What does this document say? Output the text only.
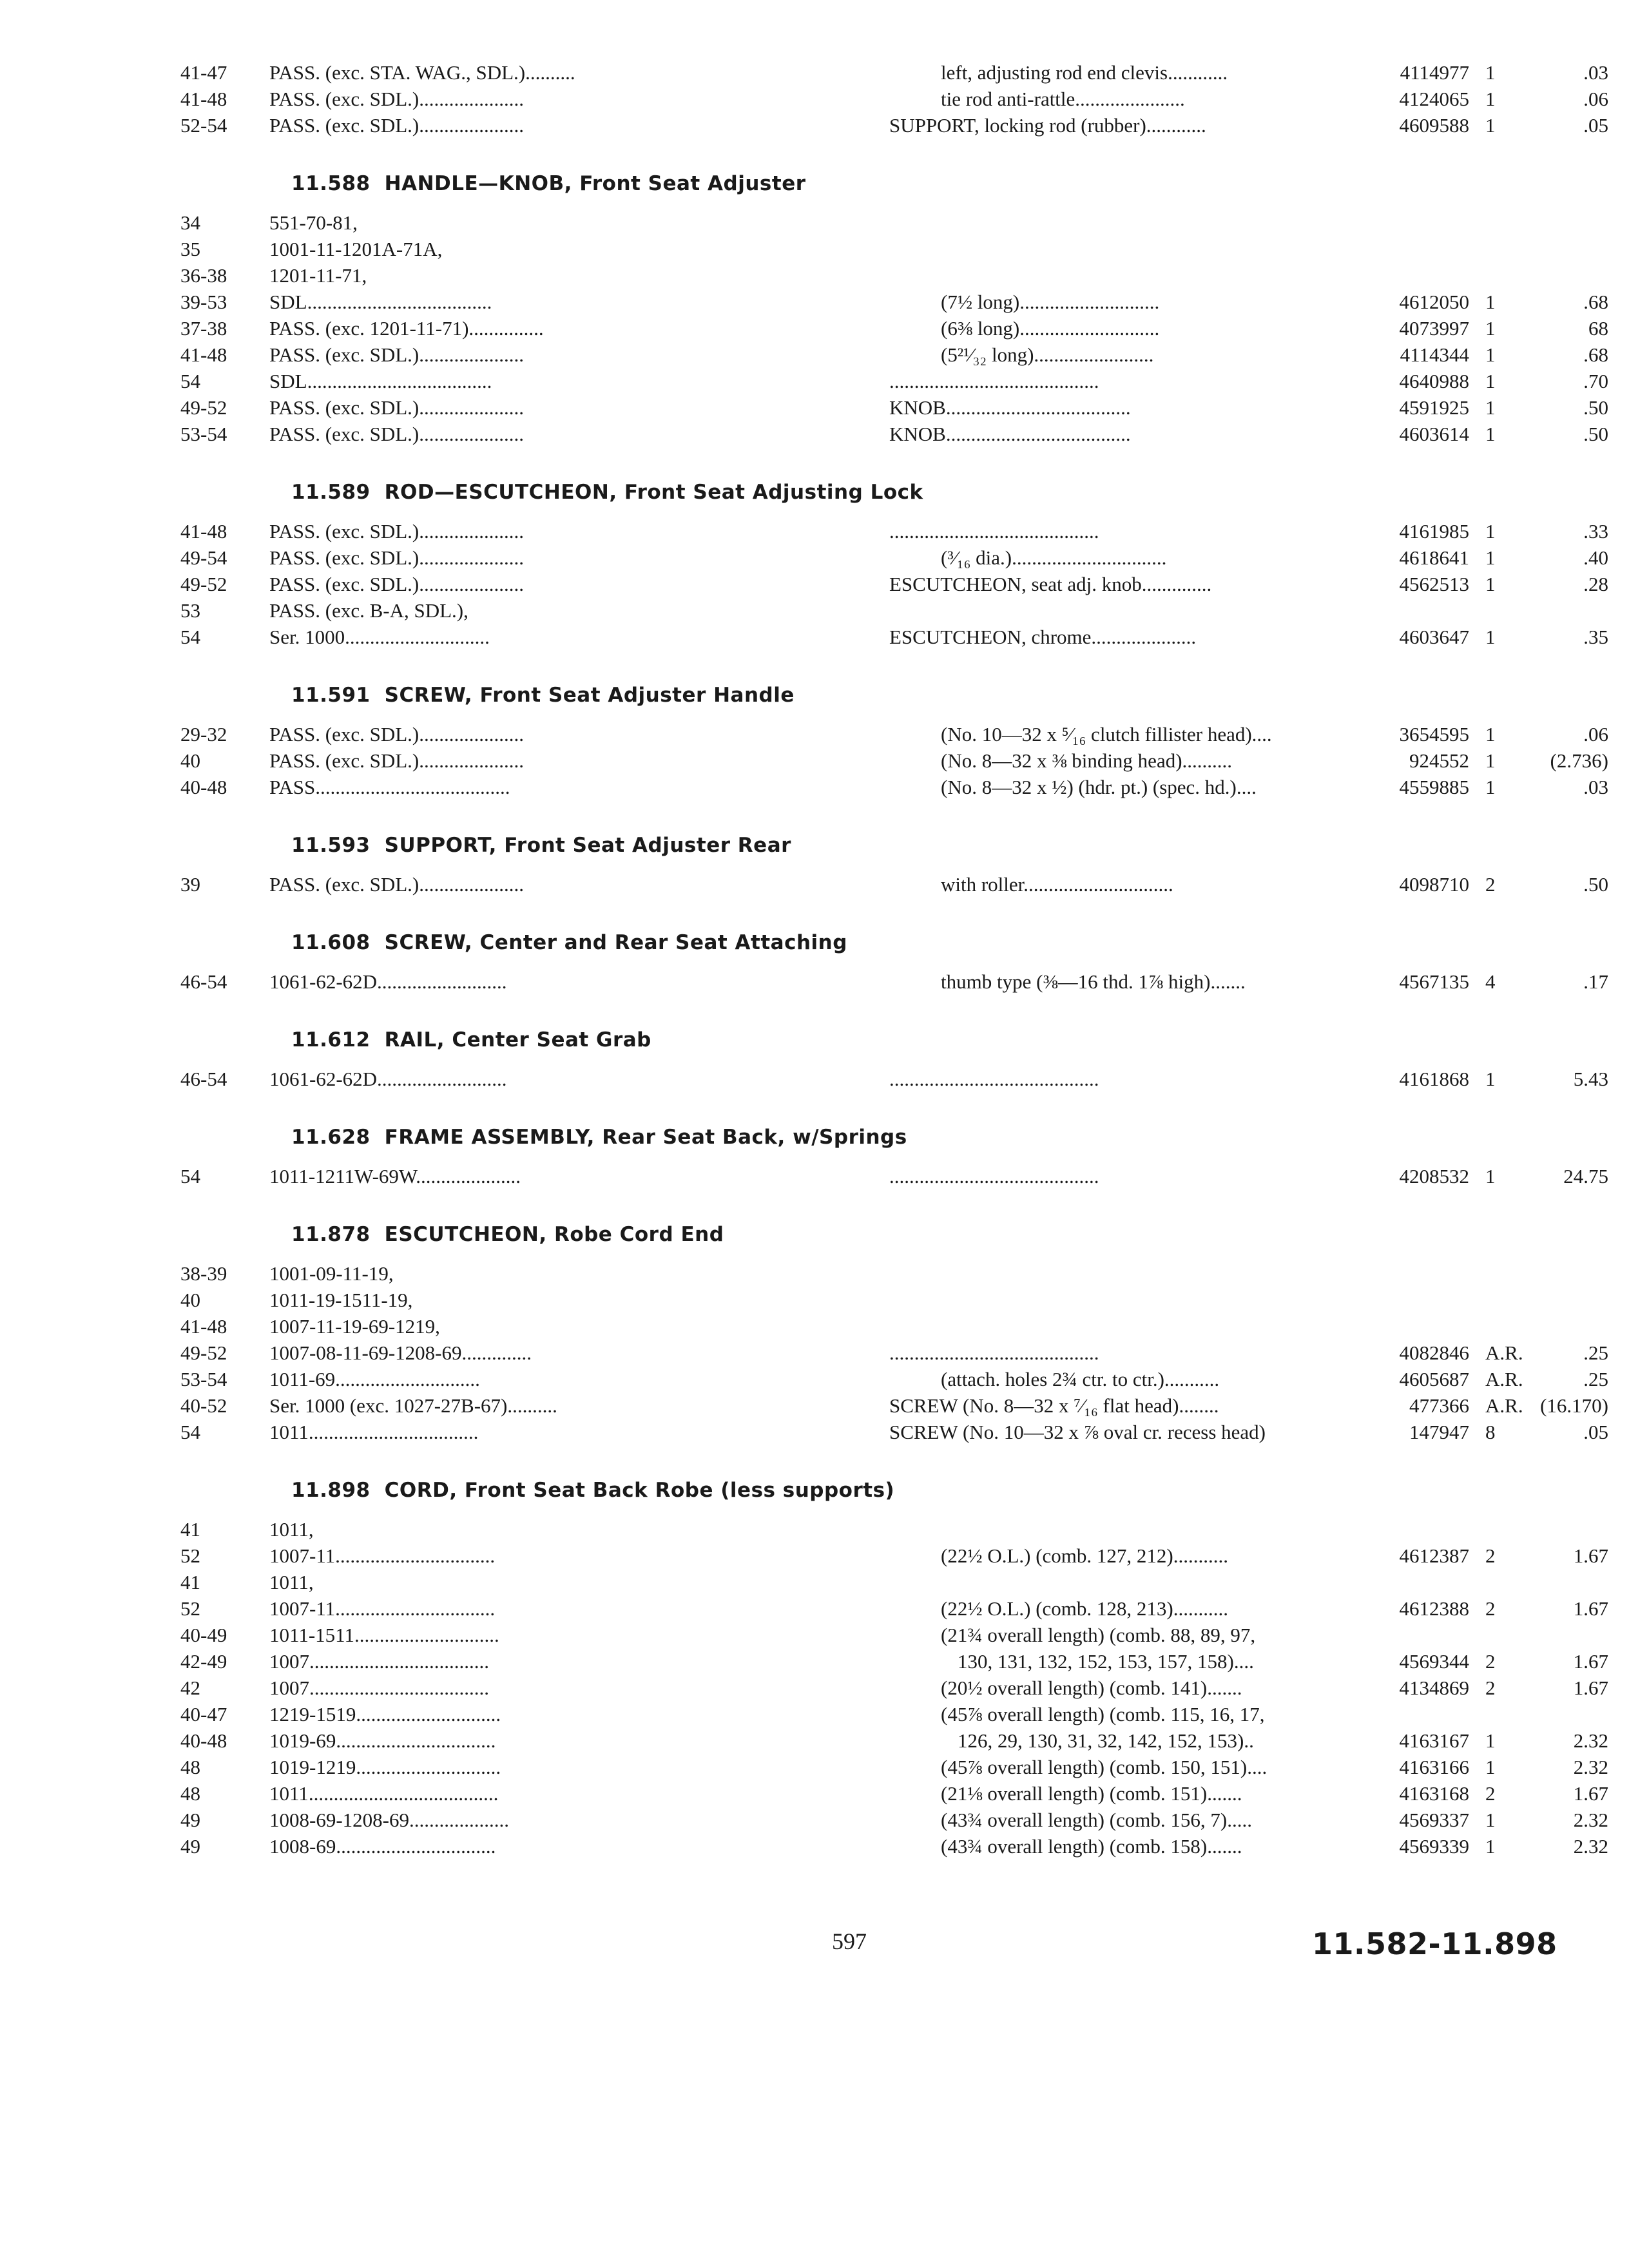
41-47	PASS. (exc. STA. WAG., SDL.)..........	left, adjusting rod end clevis............	4114977 1	.03
41-48	PASS. (exc. SDL.).....................	tie rod anti-rattle......................	4124065 1	.06
52-54	PASS. (exc. SDL.).....................	SUPPORT, locking rod (rubber)............	4609588 1	.05
11.588 HANDLE—KNOB, Front Seat Adjuster
34	551-70-81,
35	1001-11-1201A-71A,
36-38	1201-11-71,
39-53	SDL.....................................	(7½ long)............................	4612050 1	.68
37-38	PASS. (exc. 1201-11-71)...............	(6⅜ long)............................	4073997 1	68
41-48	PASS. (exc. SDL.).....................	(5²¹⁄₃₂ long)........................	4114344 1	.68
54	SDL.....................................	..........................................	4640988 1	.70
49-52	PASS. (exc. SDL.).....................	KNOB.....................................	4591925 1	.50
53-54	PASS. (exc. SDL.).....................	KNOB.....................................	4603614 1	.50
11.589 ROD—ESCUTCHEON, Front Seat Adjusting Lock
41-48	PASS. (exc. SDL.).....................	..........................................	4161985 1	.33
49-54	PASS. (exc. SDL.).....................	(³⁄₁₆ dia.)...............................	4618641 1	.40
49-52	PASS. (exc. SDL.).....................	ESCUTCHEON, seat adj. knob..............	4562513 1	.28
53	PASS. (exc. B-A, SDL.),
54	Ser. 1000.............................	ESCUTCHEON, chrome.....................	4603647 1	.35
11.591 SCREW, Front Seat Adjuster Handle
29-32	PASS. (exc. SDL.).....................	(No. 10—32 x ⁵⁄₁₆ clutch fillister head)....	3654595 1	.06
40	PASS. (exc. SDL.).....................	(No. 8—32 x ⅜ binding head)..........	924552 1	(2.736)
40-48	PASS.......................................	(No. 8—32 x ½) (hdr. pt.) (spec. hd.)....	4559885 1	.03
11.593 SUPPORT, Front Seat Adjuster Rear
39	PASS. (exc. SDL.).....................	with roller..............................	4098710 2	.50
11.608 SCREW, Center and Rear Seat Attaching
46-54	1061-62-62D..........................	thumb type (⅜—16 thd. 1⅞ high).......	4567135 4	.17
11.612 RAIL, Center Seat Grab
46-54	1061-62-62D..........................	..........................................	4161868 1	5.43
11.628 FRAME ASSEMBLY, Rear Seat Back, w/Springs
54	1011-1211W-69W.....................	..........................................	4208532 1	24.75
11.878 ESCUTCHEON, Robe Cord End
38-39	1001-09-11-19,
40	1011-19-1511-19,
41-48	1007-11-19-69-1219,
49-52	1007-08-11-69-1208-69..............	..........................................	4082846 A.R.	.25
53-54	1011-69.............................	(attach. holes 2¾ ctr. to ctr.)...........	4605687 A.R.	.25
40-52	Ser. 1000 (exc. 1027-27B-67)..........	SCREW (No. 8—32 x ⁷⁄₁₆ flat head)........	477366 A.R. (16.170)
54	1011..................................	SCREW (No. 10—32 x ⅞ oval cr. recess head)	147947 8	.05
11.898 CORD, Front Seat Back Robe (less supports)
41	1011,
52	1007-11................................	(22½ O.L.) (comb. 127, 212)...........	4612387 2	1.67
41	1011,
52	1007-11................................	(22½ O.L.) (comb. 128, 213)...........	4612388 2	1.67
40-49	1011-1511.............................	(21¾ overall length) (comb. 88, 89, 97,
42-49	1007....................................	130, 131, 132, 152, 153, 157, 158)....	4569344 2	1.67
42	1007....................................	(20½ overall length) (comb. 141).......	4134869 2	1.67
40-47	1219-1519.............................	(45⅞ overall length) (comb. 115, 16, 17,
40-48	1019-69................................	126, 29, 130, 31, 32, 142, 152, 153)..	4163167 1	2.32
48	1019-1219.............................	(45⅞ overall length) (comb. 150, 151)....	4163166 1	2.32
48	1011......................................	(21⅛ overall length) (comb. 151).......	4163168 2	1.67
49	1008-69-1208-69....................	(43¾ overall length) (comb. 156, 7).....	4569337 1	2.32
49	1008-69................................	(43¾ overall length) (comb. 158).......	4569339 1	2.32
597	11.582-11.898
